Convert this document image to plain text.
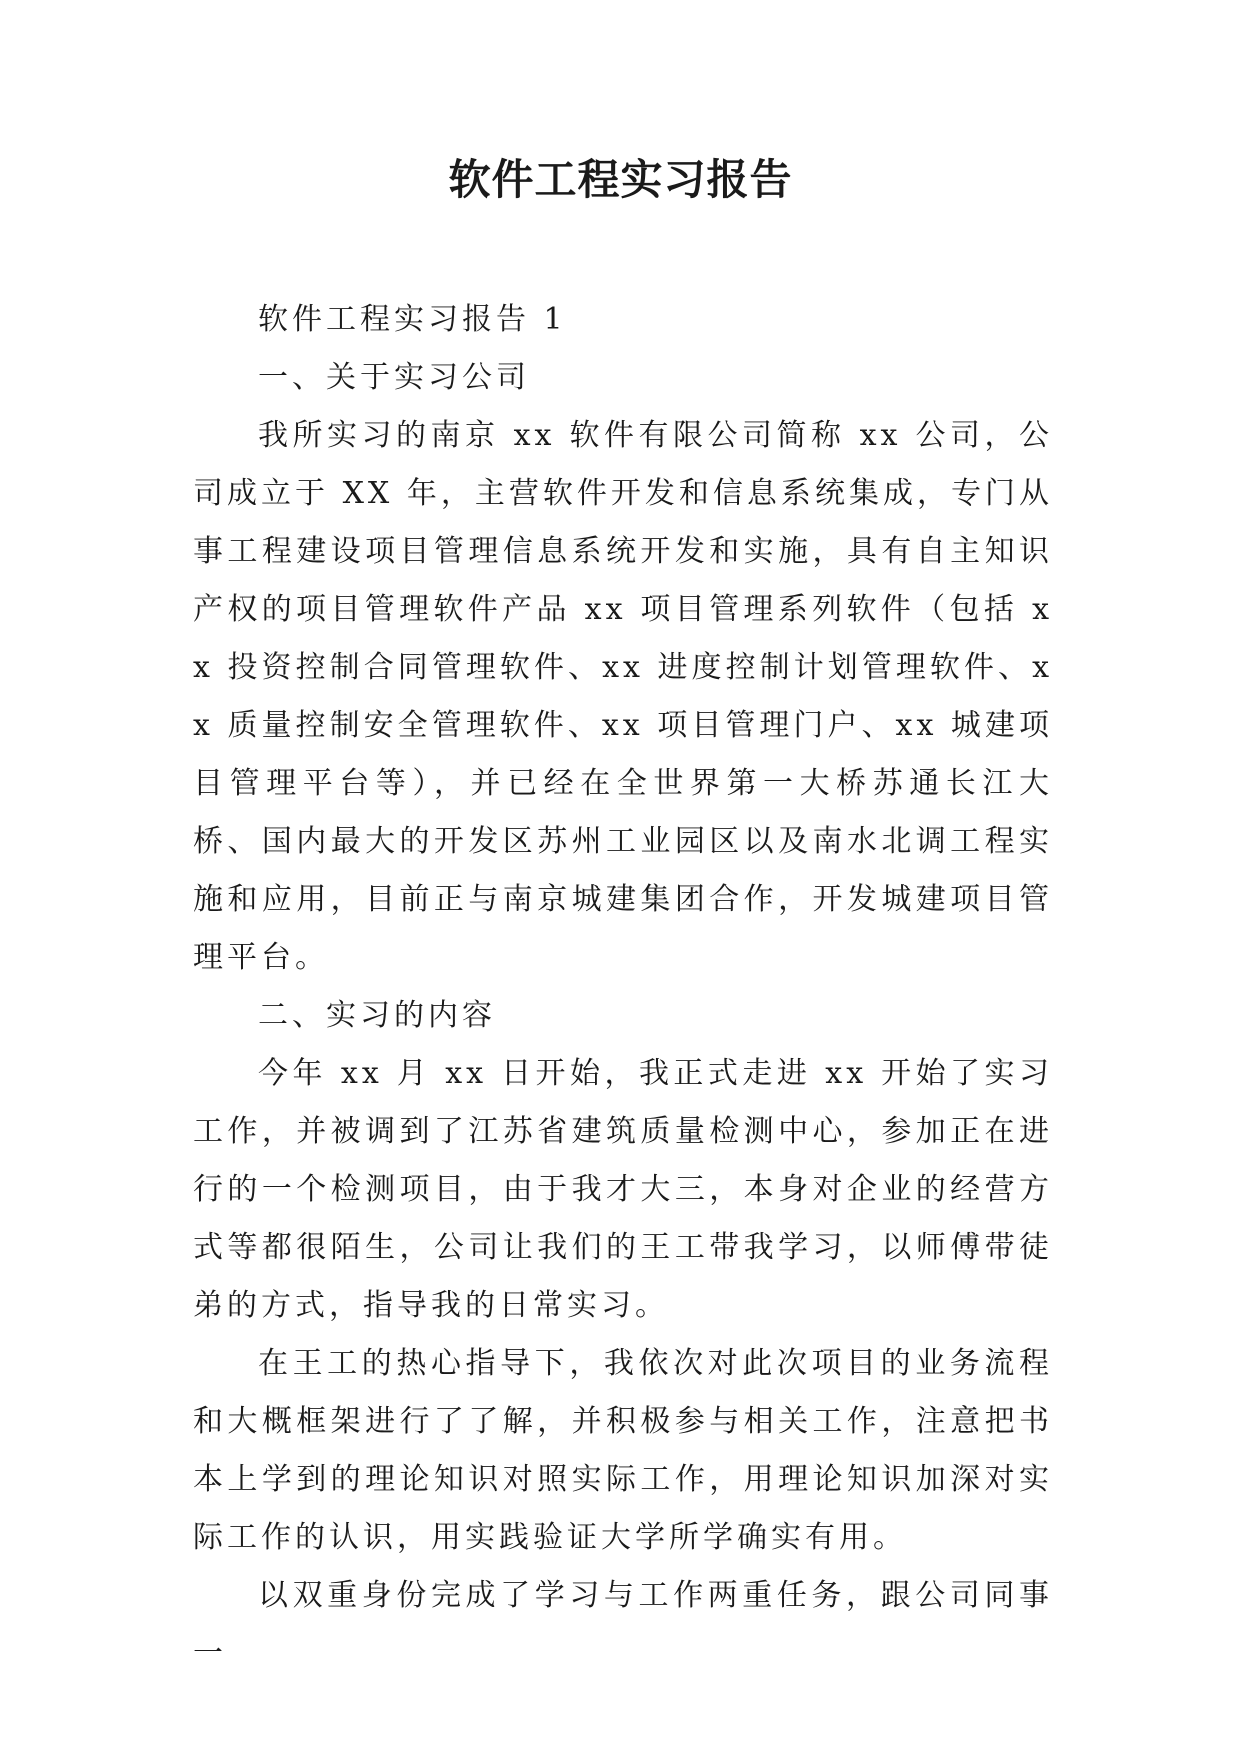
软件工程实习报告

软件工程实习报告 1

一、关于实习公司

我所实习的南京 xx 软件有限公司简称 xx 公司，公司成立于 XX 年，主营软件开发和信息系统集成，专门从事工程建设项目管理信息系统开发和实施，具有自主知识产权的项目管理软件产品 xx 项目管理系列软件（包括 xx 投资控制合同管理软件、xx 进度控制计划管理软件、xx 质量控制安全管理软件、xx 项目管理门户、xx 城建项目管理平台等），并已经在全世界第一大桥苏通长江大桥、国内最大的开发区苏州工业园区以及南水北调工程实施和应用，目前正与南京城建集团合作，开发城建项目管理平台。

二、实习的内容

今年 xx 月 xx 日开始，我正式走进 xx 开始了实习工作，并被调到了江苏省建筑质量检测中心，参加正在进行的一个检测项目，由于我才大三，本身对企业的经营方式等都很陌生，公司让我们的王工带我学习，以师傅带徒弟的方式，指导我的日常实习。

在王工的热心指导下，我依次对此次项目的业务流程和大概框架进行了了解，并积极参与相关工作，注意把书本上学到的理论知识对照实际工作，用理论知识加深对实际工作的认识，用实践验证大学所学确实有用。

以双重身份完成了学习与工作两重任务，跟公司同事一
